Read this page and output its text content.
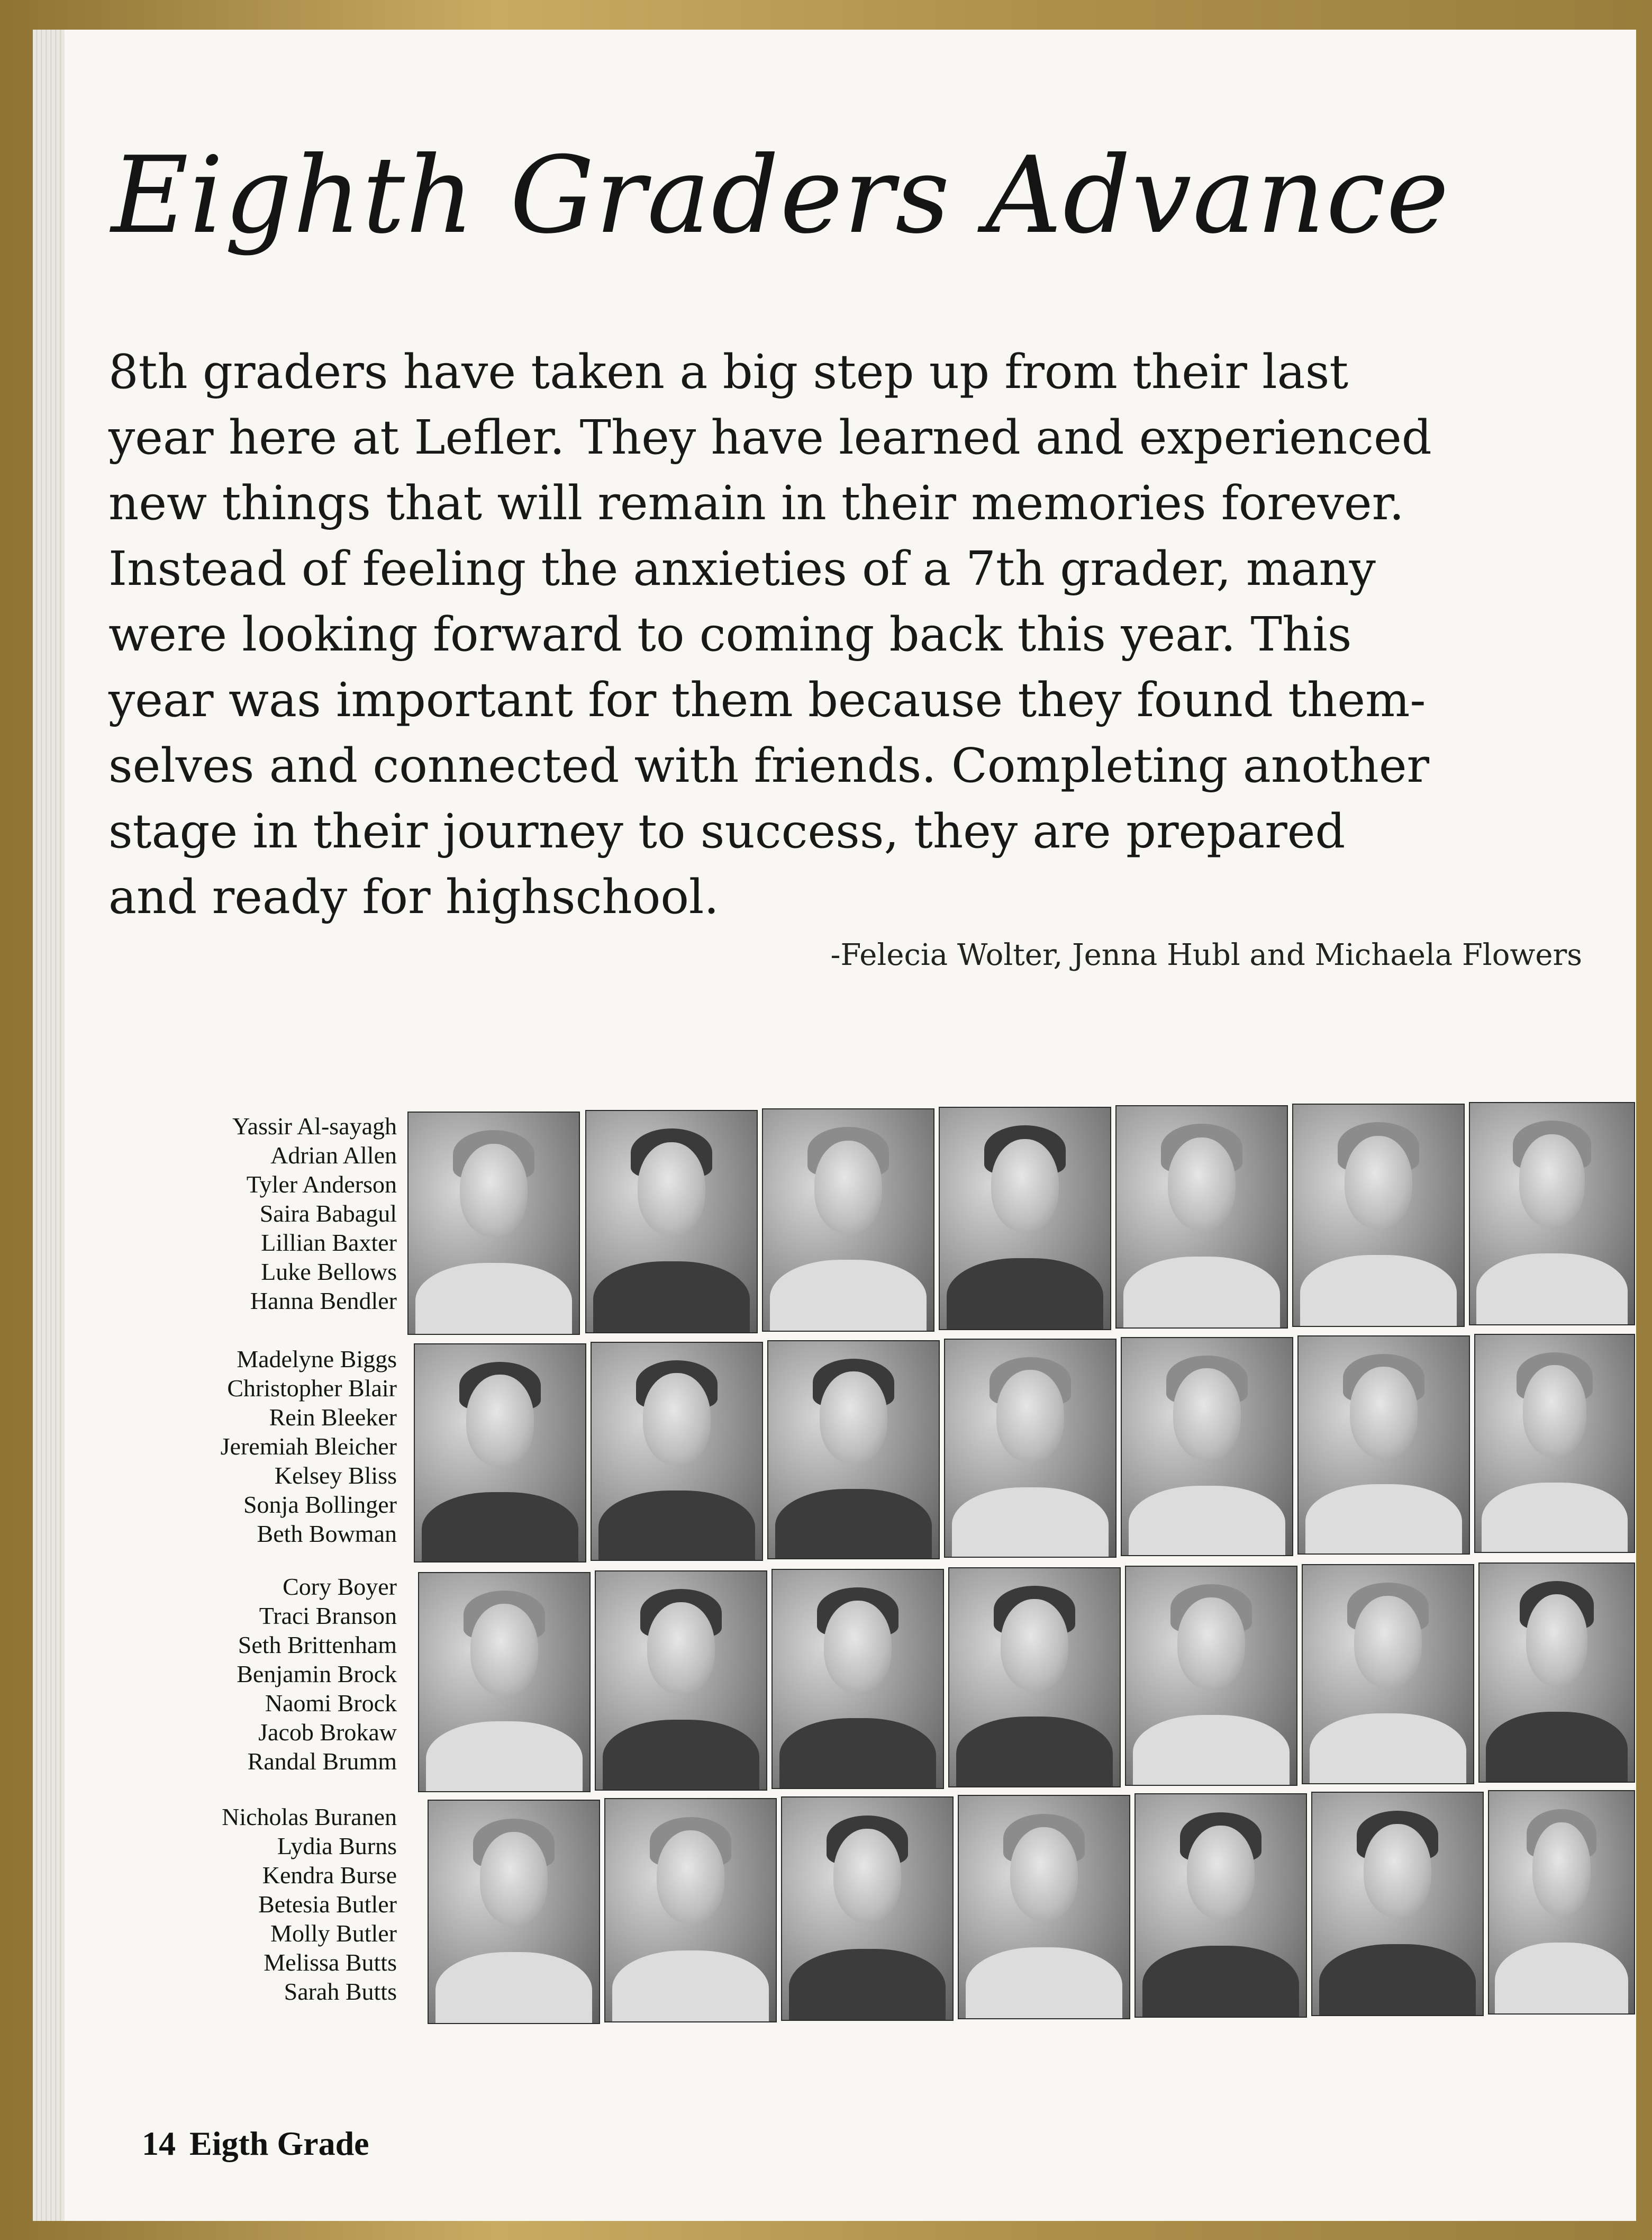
Eighth Graders Advance

8th graders have taken a big step up from their last

year here at Lefler. They have learned and experienced

new things that will remain in their memories forever.

Instead of feeling the anxieties of a 7th grader, many

were looking forward to coming back this year. This

year was important for them because they found them-

selves and connected with friends. Completing another

stage in their journey to success, they are prepared

and ready for highschool.

-Felecia Wolter, Jenna Hubl and Michaela Flowers
Yassir Al-sayagh
Adrian Allen
Tyler Anderson
Saira Babagul
Lillian Baxter
Luke Bellows
Hanna Bendler
Madelyne Biggs
Christopher Blair
Rein Bleeker
Jeremiah Bleicher
Kelsey Bliss
Sonja Bollinger
Beth Bowman
Cory Boyer
Traci Branson
Seth Brittenham
Benjamin Brock
Naomi Brock
Jacob Brokaw
Randal Brumm
Nicholas Buranen
Lydia Burns
Kendra Burse
Betesia Butler
Molly Butler
Melissa Butts
Sarah Butts
14 Eigth Grade
